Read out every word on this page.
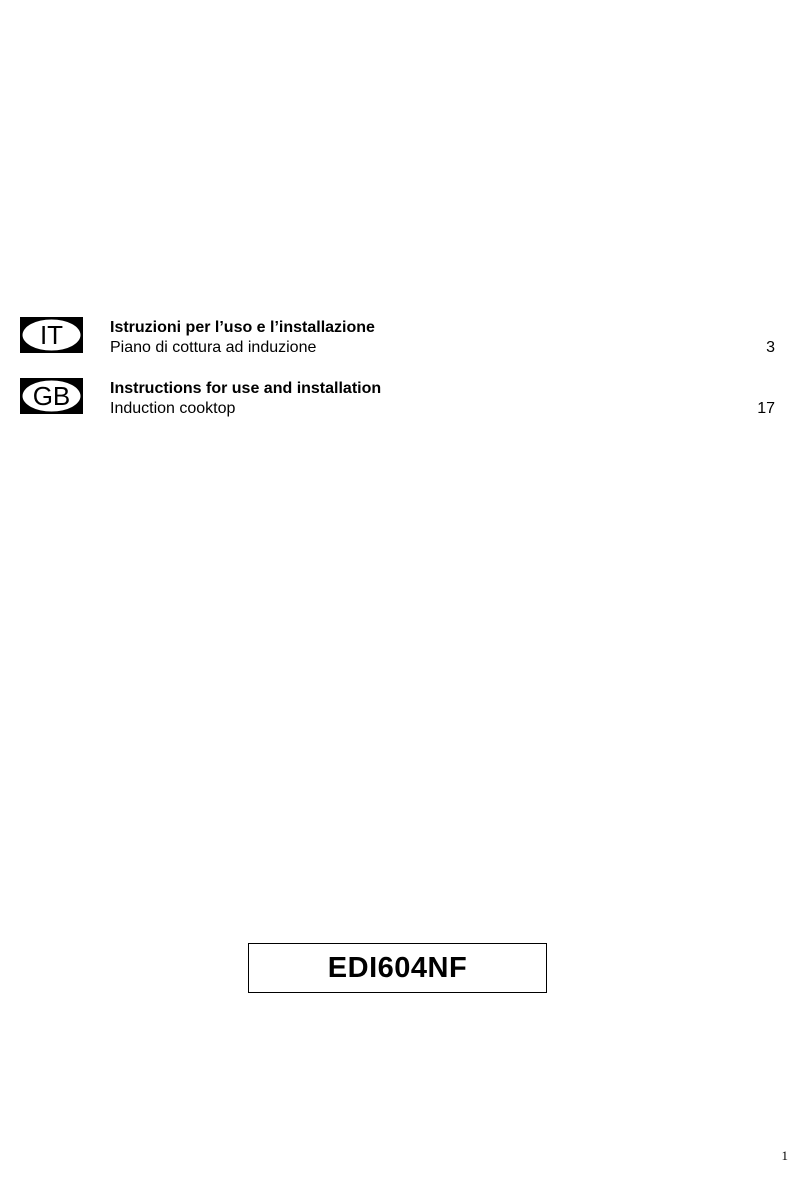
IT	Istruzioni per l’uso e l’installazione
Piano di cottura ad induzione	3
GB Instructions for use and installation
Induction cooktop	17
EDI604NF
1
